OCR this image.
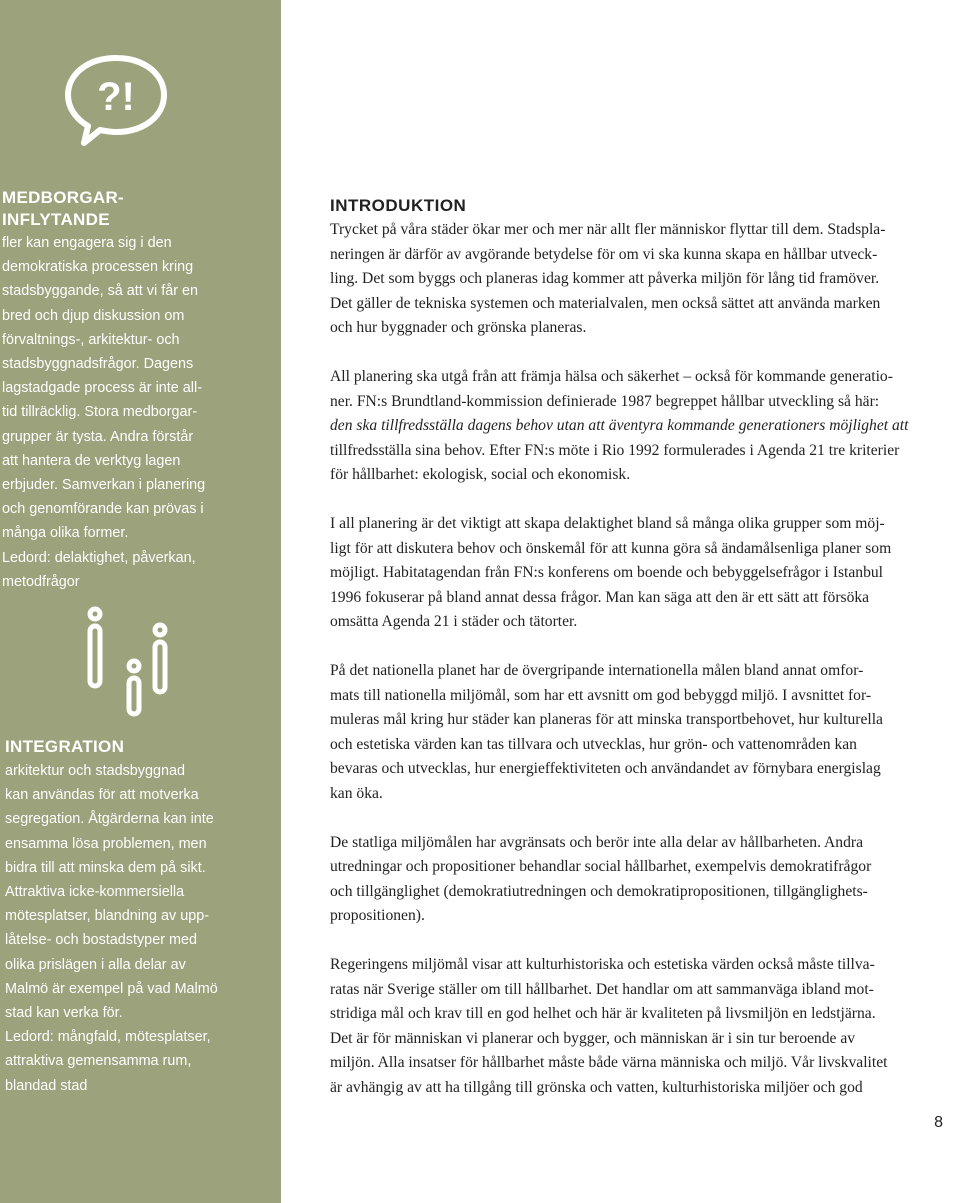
?!
MEDBORGAR-
INFLYTANDE
fler kan engagera sig i den
demokratiska processen kring
stadsbyggande, så att vi får en
bred och djup diskussion om
förvaltnings-, arkitektur- och
stadsbyggnadsfrågor. Dagens
lagstadgade process är inte all-
tid tillräcklig. Stora medborgar-
grupper är tysta. Andra förstår
att hantera de verktyg lagen
erbjuder. Samverkan i planering
och genomförande kan prövas i
många olika former.
Ledord: delaktighet, påverkan,
metodfrågor
INTEGRATION
arkitektur och stadsbyggnad
kan användas för att motverka
segregation. Åtgärderna kan inte
ensamma lösa problemen, men
bidra till att minska dem på sikt.
Attraktiva icke-kommersiella
mötesplatser, blandning av upp-
låtelse- och bostadstyper med
olika prislägen i alla delar av
Malmö är exempel på vad Malmö
stad kan verka för.
Ledord: mångfald, mötesplatser,
attraktiva gemensamma rum,
blandad stad
INTRODUKTION
Trycket på våra städer ökar mer och mer när allt fler människor flyttar till dem. Stadspla-
neringen är därför av avgörande betydelse för om vi ska kunna skapa en hållbar utveck-
ling. Det som byggs och planeras idag kommer att påverka miljön för lång tid framöver.
Det gäller de tekniska systemen och materialvalen, men också sättet att använda marken
och hur byggnader och grönska planeras.
All planering ska utgå från att främja hälsa och säkerhet – också för kommande generatio-
ner. FN:s Brundtland-kommission definierade 1987 begreppet hållbar utveckling så här:
den ska tillfredsställa dagens behov utan att äventyra kommande generationers möjlighet att
tillfredsställa sina behov. Efter FN:s möte i Rio 1992 formulerades i Agenda 21 tre kriterier
för hållbarhet: ekologisk, social och ekonomisk.
I all planering är det viktigt att skapa delaktighet bland så många olika grupper som möj-
ligt för att diskutera behov och önskemål för att kunna göra så ändamålsenliga planer som
möjligt. Habitatagendan från FN:s konferens om boende och bebyggelsefrågor i Istanbul
1996 fokuserar på bland annat dessa frågor. Man kan säga att den är ett sätt att försöka
omsätta Agenda 21 i städer och tätorter.
På det nationella planet har de övergripande internationella målen bland annat omfor-
mats till nationella miljömål, som har ett avsnitt om god bebyggd miljö. I avsnittet for-
muleras mål kring hur städer kan planeras för att minska transportbehovet, hur kulturella
och estetiska värden kan tas tillvara och utvecklas, hur grön- och vattenområden kan
bevaras och utvecklas, hur energieffektiviteten och användandet av förnybara energislag
kan öka.
De statliga miljömålen har avgränsats och berör inte alla delar av hållbarheten. Andra
utredningar och propositioner behandlar social hållbarhet, exempelvis demokratifrågor
och tillgänglighet (demokratiutredningen och demokratipropositionen, tillgänglighets-
propositionen).
Regeringens miljömål visar att kulturhistoriska och estetiska värden också måste tillva-
ratas när Sverige ställer om till hållbarhet. Det handlar om att sammanväga ibland mot-
stridiga mål och krav till en god helhet och här är kvaliteten på livsmiljön en ledstjärna.
Det är för människan vi planerar och bygger, och människan är i sin tur beroende av
miljön. Alla insatser för hållbarhet måste både värna människa och miljö. Vår livskvalitet
är avhängig av att ha tillgång till grönska och vatten, kulturhistoriska miljöer och god
8
